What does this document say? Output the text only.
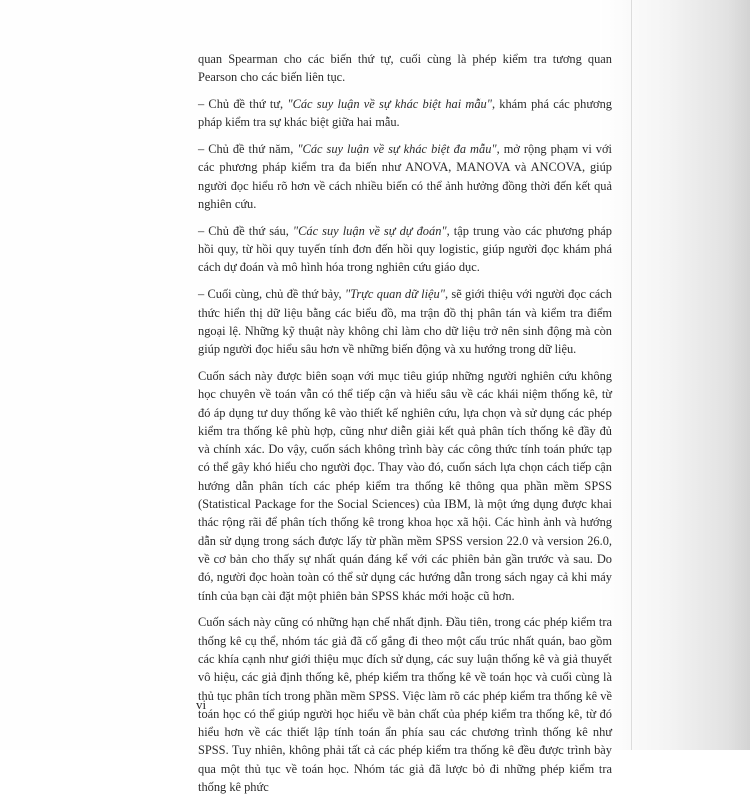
quan Spearman cho các biến thứ tự, cuối cùng là phép kiểm tra tương quan Pearson cho các biến liên tục.

– Chủ đề thứ tư, "Các suy luận về sự khác biệt hai mẫu", khám phá các phương pháp kiểm tra sự khác biệt giữa hai mẫu.

– Chủ đề thứ năm, "Các suy luận về sự khác biệt đa mẫu", mở rộng phạm vi với các phương pháp kiểm tra đa biến như ANOVA, MANOVA và ANCOVA, giúp người đọc hiểu rõ hơn về cách nhiều biến có thể ảnh hưởng đồng thời đến kết quả nghiên cứu.

– Chủ đề thứ sáu, "Các suy luận về sự dự đoán", tập trung vào các phương pháp hồi quy, từ hồi quy tuyến tính đơn đến hồi quy logistic, giúp người đọc khám phá cách dự đoán và mô hình hóa trong nghiên cứu giáo dục.

– Cuối cùng, chủ đề thứ bảy, "Trực quan dữ liệu", sẽ giới thiệu với người đọc cách thức hiển thị dữ liệu bằng các biểu đồ, ma trận đồ thị phân tán và kiểm tra điểm ngoại lệ. Những kỹ thuật này không chỉ làm cho dữ liệu trở nên sinh động mà còn giúp người đọc hiểu sâu hơn về những biến động và xu hướng trong dữ liệu.

Cuốn sách này được biên soạn với mục tiêu giúp những người nghiên cứu không học chuyên về toán vẫn có thể tiếp cận và hiểu sâu về các khái niệm thống kê, từ đó áp dụng tư duy thống kê vào thiết kế nghiên cứu, lựa chọn và sử dụng các phép kiểm tra thống kê phù hợp, cũng như diễn giải kết quả phân tích thống kê đầy đủ và chính xác. Do vậy, cuốn sách không trình bày các công thức tính toán phức tạp có thể gây khó hiểu cho người đọc. Thay vào đó, cuốn sách lựa chọn cách tiếp cận hướng dẫn phân tích các phép kiểm tra thống kê thông qua phần mềm SPSS (Statistical Package for the Social Sciences) của IBM, là một ứng dụng được khai thác rộng rãi để phân tích thống kê trong khoa học xã hội. Các hình ảnh và hướng dẫn sử dụng trong sách được lấy từ phần mềm SPSS version 22.0 và version 26.0, về cơ bản cho thấy sự nhất quán đáng kể với các phiên bản gần trước và sau. Do đó, người đọc hoàn toàn có thể sử dụng các hướng dẫn trong sách ngay cả khi máy tính của bạn cài đặt một phiên bản SPSS khác mới hoặc cũ hơn.

Cuốn sách này cũng có những hạn chế nhất định. Đầu tiên, trong các phép kiểm tra thống kê cụ thể, nhóm tác giả đã cố gắng đi theo một cấu trúc nhất quán, bao gồm các khía cạnh như giới thiệu mục đích sử dụng, các suy luận thống kê và giả thuyết vô hiệu, các giả định thống kê, phép kiểm tra thống kê về toán học và cuối cùng là thủ tục phân tích trong phần mềm SPSS. Việc làm rõ các phép kiểm tra thống kê về toán học có thể giúp người học hiểu về bản chất của phép kiểm tra thống kê, từ đó hiểu hơn về các thiết lập tính toán ẩn phía sau các chương trình thống kê như SPSS. Tuy nhiên, không phải tất cả các phép kiểm tra thống kê đều được trình bày qua một thủ tục về toán học. Nhóm tác giả đã lược bỏ đi những phép kiểm tra thống kê phức

vi
